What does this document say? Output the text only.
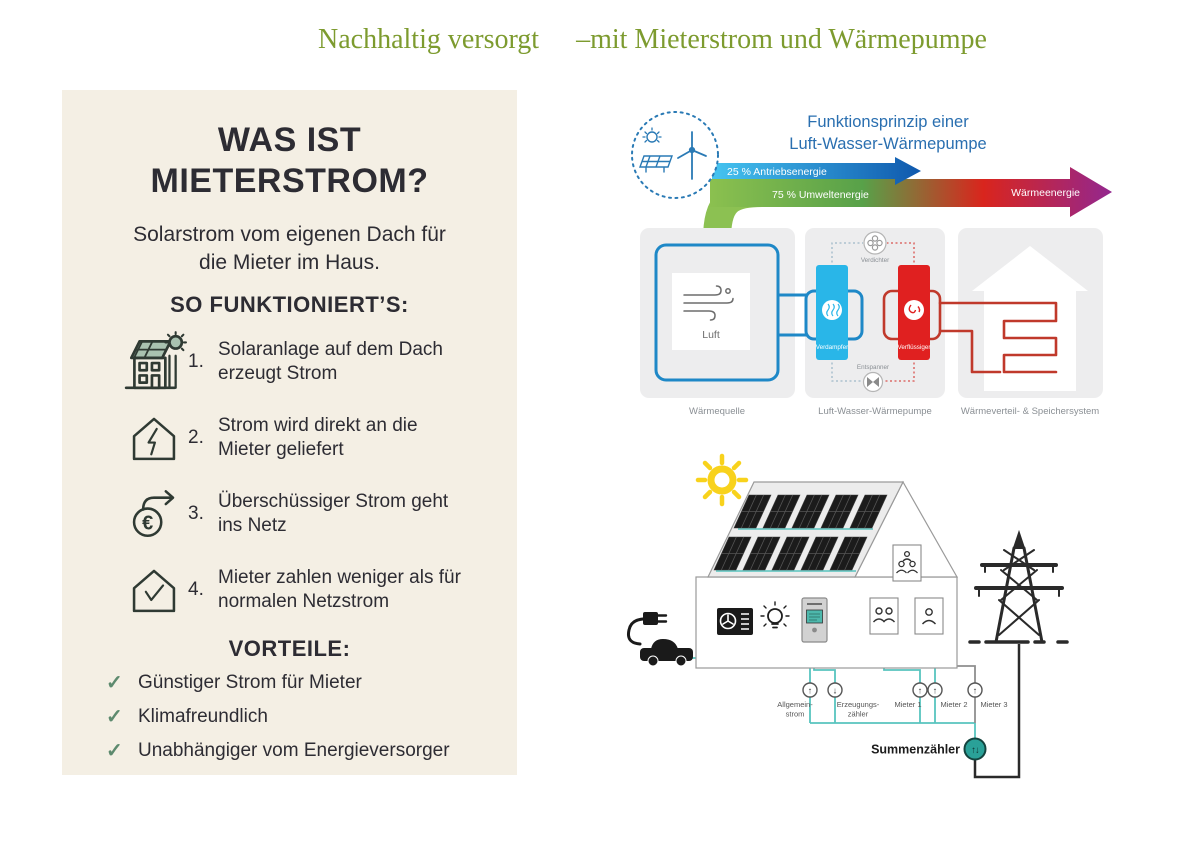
Nachhaltig versorgt –mit Mieterstrom und Wärmepumpe
WAS IST MIETERSTROM?

Solarstrom vom eigenen Dach für die Mieter im Haus.

SO FUNKTIONIERT’S:
1.
Solaranlage auf dem Dach erzeugt Strom
2.
Strom wird direkt an die Mieter geliefert
€ 3.
Überschüssiger Strom geht ins Netz
4.
Mieter zahlen weniger als für normalen Netzstrom
VORTEILE:
✓ Günstiger Strom für Mieter
✓ Klimafreundlich
✓ Unabhängiger vom Energieversorger
25 % Antriebsenergie
75 % Umweltenergie	Wärmeenergie
Funktionsprinzip einer
Luft-Wasser-Wärmepumpe
Luft
Verdampfer	Verflüssiger
Verdichter
Entspanner
Wärmequelle	Luft-Wasser-Wärmepumpe	Wärmeverteil- & Speichersystem
↑
Allgemein-
strom
↓
Erzeugungs-
zähler
↑
Mieter 1
↑
Mieter 2
↑
Mieter 3
↑↓
Summenzähler
